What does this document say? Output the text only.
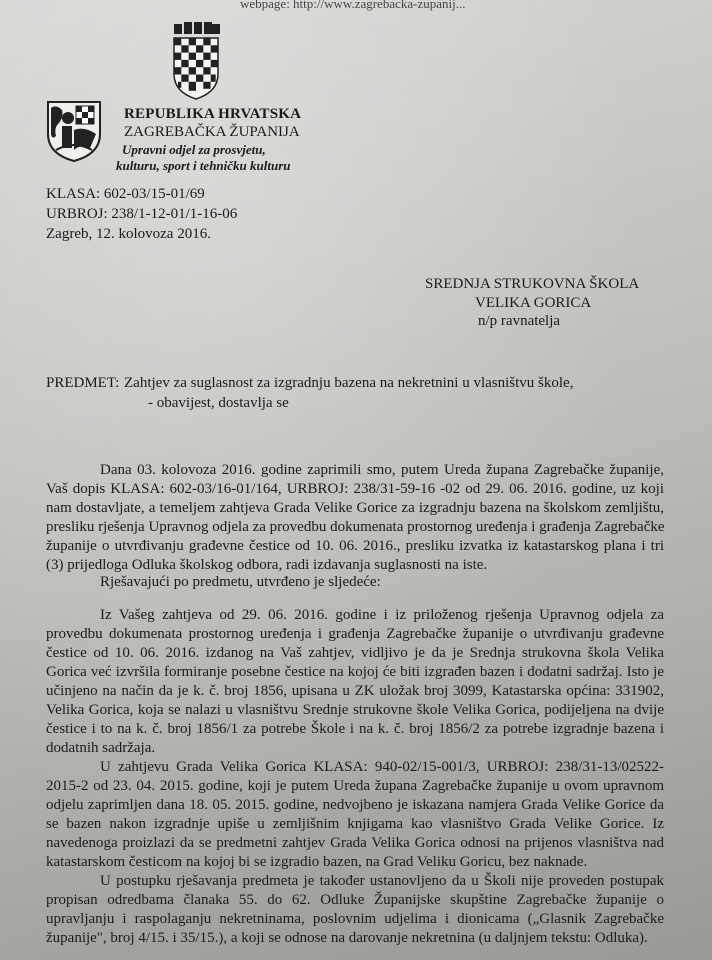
webpage: http://www.zagrebacka-zupanij...
REPUBLIKA HRVATSKA
ZAGREBAČKA ŽUPANIJA
Upravni odjel za prosvjetu,
kulturu, sport i tehničku kulturu
KLASA: 602-03/15-01/69
URBROJ: 238/1-12-01/1-16-06
Zagreb, 12. kolovoza 2016.
SREDNJA STRUKOVNA ŠKOLA
VELIKA GORICA
n/p ravnatelja
PREDMET: Zahtjev za suglasnost za izgradnju bazena na nekretnini u vlasništvu škole,
- obavijest, dostavlja se
Dana 03. kolovoza 2016. godine zaprimili smo, putem Ureda župana Zagrebačke županije,
Vaš dopis KLASA: 602-03/16-01/164, URBROJ: 238/31-59-16 -02 od 29. 06. 2016. godine, uz koji
nam dostavljate, a temeljem zahtjeva Grada Velike Gorice za izgradnju bazena na školskom zemljištu,
presliku rješenja Upravnog odjela za provedbu dokumenata prostornog uređenja i građenja Zagrebačke
županije o utvrđivanju građevne čestice od 10. 06. 2016., presliku izvatka iz katastarskog plana i tri
(3) prijedloga Odluka školskog odbora, radi izdavanja suglasnosti na iste.
Rješavajući po predmetu, utvrđeno je sljedeće:
Iz Vašeg zahtjeva od 29. 06. 2016. godine i iz priloženog rješenja Upravnog odjela za
provedbu dokumenata prostornog uređenja i građenja Zagrebačke županije o utvrđivanju građevne
čestice od 10. 06. 2016. izdanog na Vaš zahtjev, vidljivo je da je Srednja strukovna škola Velika
Gorica već izvršila formiranje posebne čestice na kojoj će biti izgrađen bazen i dodatni sadržaj. Isto je
učinjeno na način da je k. č. broj 1856, upisana u ZK uložak broj 3099, Katastarska općina: 331902,
Velika Gorica, koja se nalazi u vlasništvu Srednje strukovne škole Velika Gorica, podijeljena na dvije
čestice i to na k. č. broj 1856/1 za potrebe Škole i na k. č. broj 1856/2 za potrebe izgradnje bazena i
dodatnih sadržaja.
U zahtjevu Grada Velika Gorica KLASA: 940-02/15-001/3, URBROJ: 238/31-13/02522-
2015-2 od 23. 04. 2015. godine, koji je putem Ureda župana Zagrebačke županije u ovom upravnom
odjelu zaprimljen dana 18. 05. 2015. godine, nedvojbeno je iskazana namjera Grada Velike Gorice da
se bazen nakon izgradnje upiše u zemljišnim knjigama kao vlasništvo Grada Velike Gorice. Iz
navedenoga proizlazi da se predmetni zahtjev Grada Velika Gorica odnosi na prijenos vlasništva nad
katastarskom česticom na kojoj bi se izgradio bazen, na Grad Veliku Goricu, bez naknade.
U postupku rješavanja predmeta je također ustanovljeno da u Školi nije proveden postupak
propisan odredbama članaka 55. do 62. Odluke Županijske skupštine Zagrebačke županije o
upravljanju i raspolaganju nekretninama, poslovnim udjelima i dionicama („Glasnik Zagrebačke
županije", broj 4/15. i 35/15.), a koji se odnose na darovanje nekretnina (u daljnjem tekstu: Odluka).
